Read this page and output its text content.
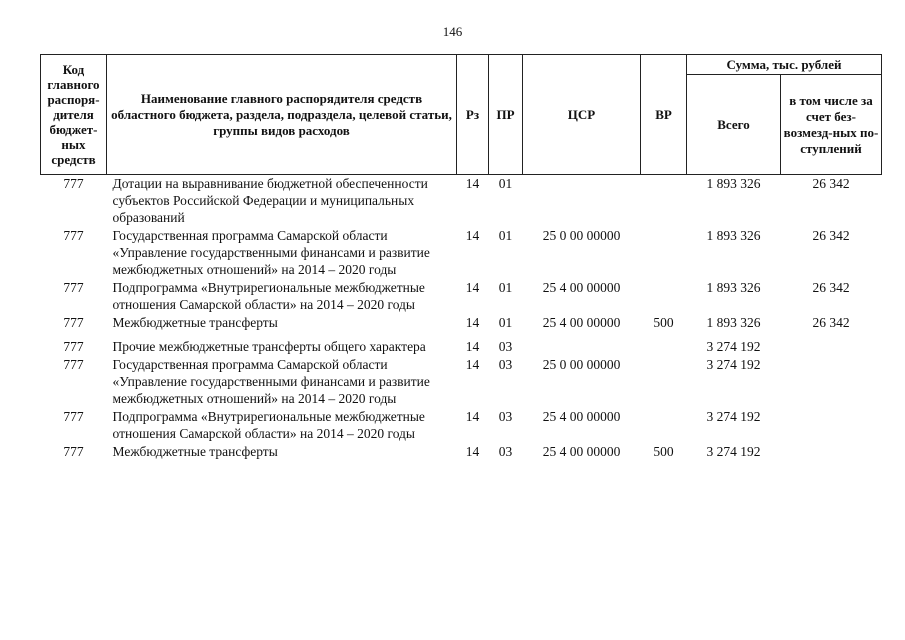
146
Код главного распоря-дителя бюджет-ных средств	Наименование главного распорядителя средств областного бюджета, раздела, подраздела, целевой статьи, группы видов расходов	Рз	ПР	ЦСР	ВР	Сумма, тыс. рублей	
						Всего	в том числе за счет без-возмезд-ных по-ступлений
777	Дотации на выравнивание бюджетной обеспеченности субъектов Российской Федерации и муниципальных образований	14	01			1 893 326	26 342
777	Государственная программа Самарской области «Управление государственными финансами и развитие межбюджетных отношений» на 2014 – 2020 годы	14	01	25 0 00 00000		1 893 326	26 342
777	Подпрограмма «Внутрирегиональные межбюджетные отношения Самарской области» на 2014 – 2020 годы	14	01	25 4 00 00000		1 893 326	26 342
777	Межбюджетные трансферты	14	01	25 4 00 00000	500	1 893 326	26 342
777	Прочие межбюджетные трансферты общего характера	14	03			3 274 192	
777	Государственная программа Самарской области «Управление государственными финансами и развитие межбюджетных отношений» на 2014 – 2020 годы	14	03	25 0 00 00000		3 274 192	
777	Подпрограмма «Внутрирегиональные межбюджетные отношения Самарской области» на 2014 – 2020 годы	14	03	25 4 00 00000		3 274 192	
777	Межбюджетные трансферты	14	03	25 4 00 00000	500	3 274 192	
